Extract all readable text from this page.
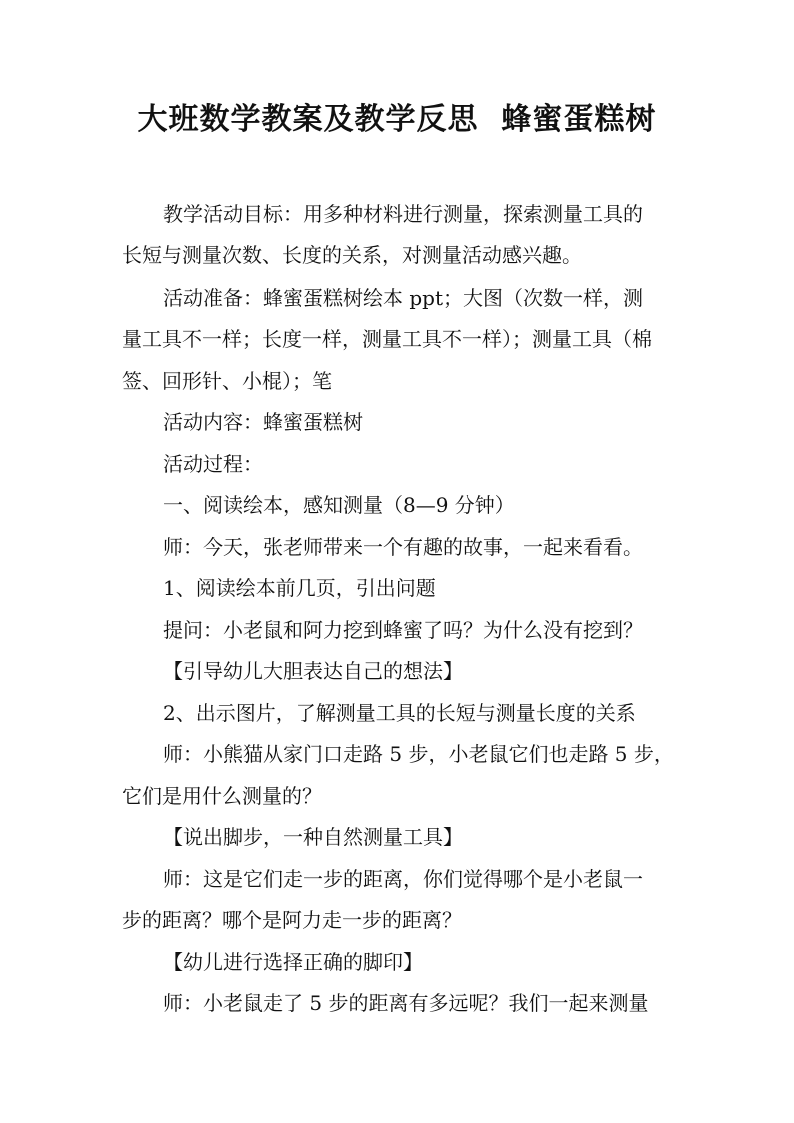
大班数学教案及教学反思  蜂蜜蛋糕树
教学活动目标：用多种材料进行测量，探索测量工具的
长短与测量次数、长度的关系，对测量活动感兴趣。
活动准备：蜂蜜蛋糕树绘本 ppt；大图（次数一样，测
量工具不一样；长度一样，测量工具不一样）；测量工具（棉
签、回形针、小棍）；笔
活动内容：蜂蜜蛋糕树
活动过程：
一、阅读绘本，感知测量（8—9 分钟）
师：今天，张老师带来一个有趣的故事，一起来看看。
1、阅读绘本前几页，引出问题
提问：小老鼠和阿力挖到蜂蜜了吗？为什么没有挖到？
【引导幼儿大胆表达自己的想法】
2、出示图片，了解测量工具的长短与测量长度的关系
师：小熊猫从家门口走路 5 步，小老鼠它们也走路 5 步，
它们是用什么测量的？
【说出脚步，一种自然测量工具】
师：这是它们走一步的距离，你们觉得哪个是小老鼠一
步的距离？哪个是阿力走一步的距离？
【幼儿进行选择正确的脚印】
师：小老鼠走了 5 步的距离有多远呢？我们一起来测量
